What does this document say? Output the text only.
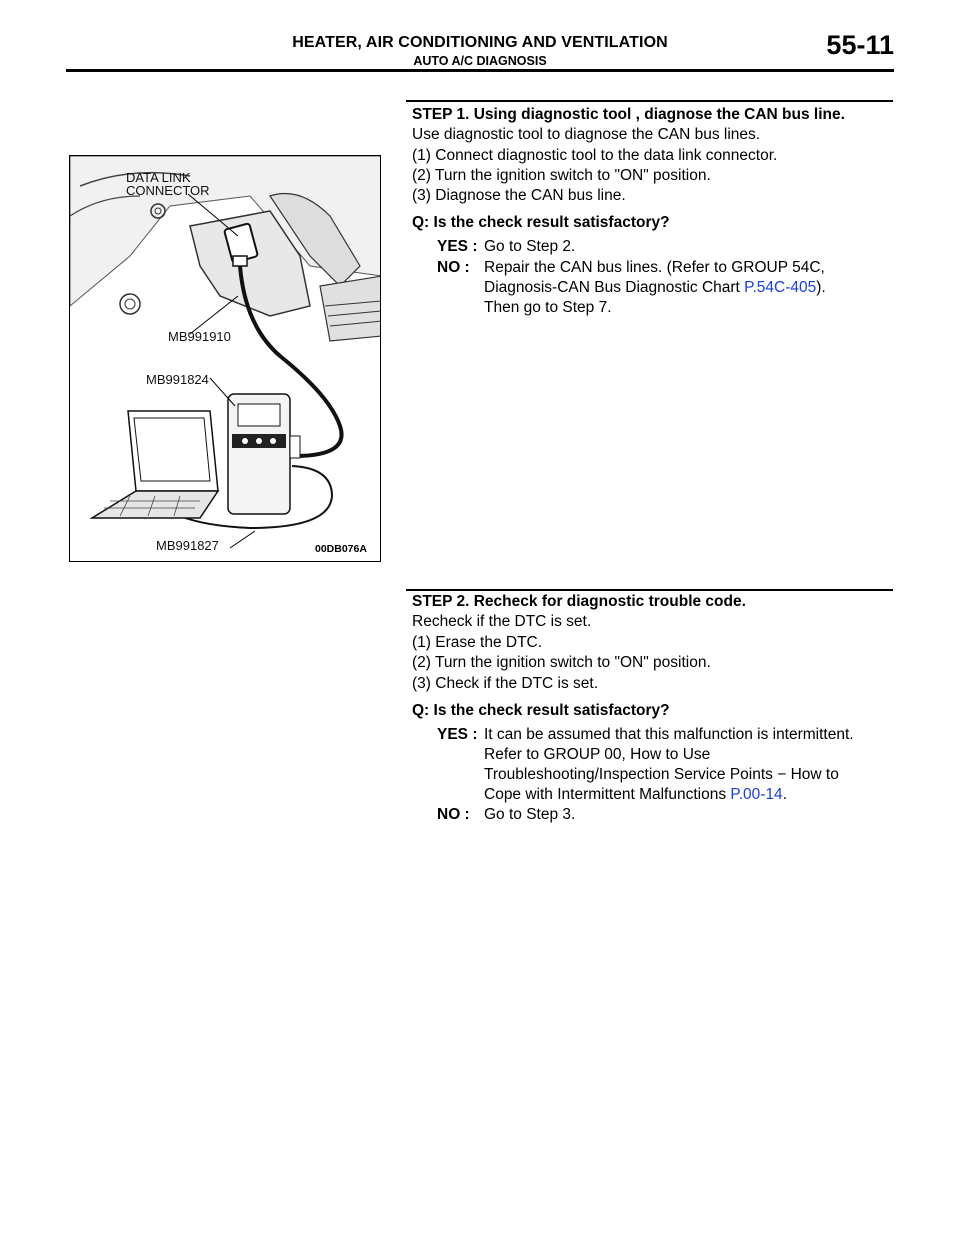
HEATER, AIR CONDITIONING AND VENTILATION
AUTO A/C DIAGNOSIS
55-11
DATA LINK
CONNECTOR
MB991910
MB991824
MB991827	00DB076A
STEP 1. Using diagnostic tool , diagnose the CAN bus line.
Use diagnostic tool to diagnose the CAN bus lines.
(1) Connect diagnostic tool to the data link connector.
(2) Turn the ignition switch to "ON" position.
(3) Diagnose the CAN bus line.
Q: Is the check result satisfactory?
YES : Go to Step 2.
NO : Repair the CAN bus lines. (Refer to GROUP 54C,
Diagnosis-CAN Bus Diagnostic Chart P.54C-405).
Then go to Step 7.
STEP 2. Recheck for diagnostic trouble code.
Recheck if the DTC is set.
(1) Erase the DTC.
(2) Turn the ignition switch to "ON" position.
(3) Check if the DTC is set.
Q: Is the check result satisfactory?
YES : It can be assumed that this malfunction is intermittent.
Refer to GROUP 00, How to Use
Troubleshooting/Inspection Service Points − How to
Cope with Intermittent Malfunctions P.00-14.
NO : Go to Step 3.
